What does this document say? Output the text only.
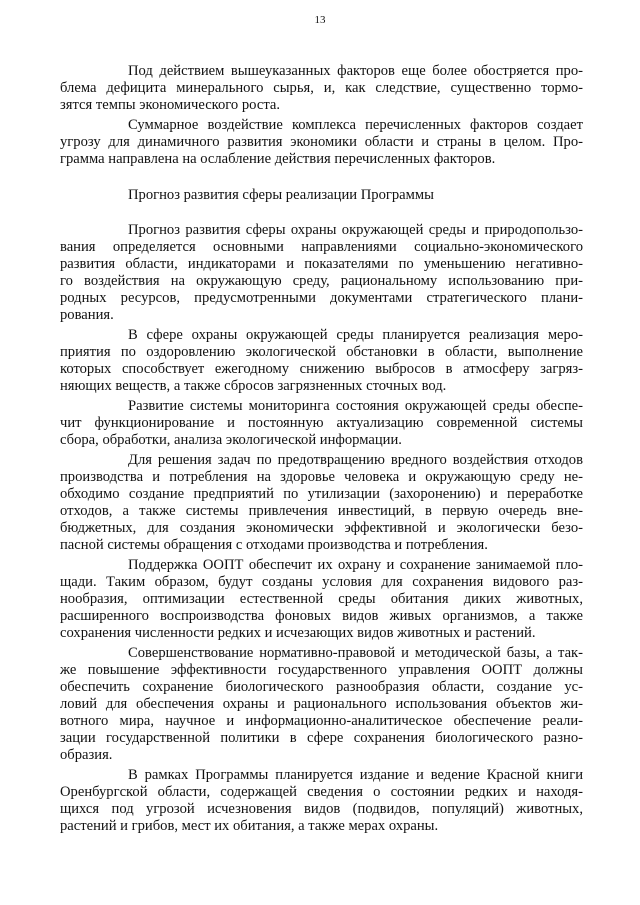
13
Под действием вышеуказанных факторов еще более обостряется про-
блема дефицита минерального сырья, и, как следствие, существенно тормо-
зятся темпы экономического роста.
Суммарное воздействие комплекса перечисленных факторов создает
угрозу для динамичного развития экономики области и страны в целом. Про-
грамма направлена на ослабление действия перечисленных факторов.
Прогноз развития сферы реализации Программы
Прогноз развития сферы охраны окружающей среды и природопользо-
вания определяется основными направлениями социально-экономического
развития области, индикаторами и показателями по уменьшению негативно-
го воздействия на окружающую среду, рациональному использованию при-
родных ресурсов, предусмотренными документами стратегического плани-
рования.
В сфере охраны окружающей среды планируется реализация меро-
приятия по оздоровлению экологической обстановки в области, выполнение
которых способствует ежегодному снижению выбросов в атмосферу загряз-
няющих веществ, а также сбросов загрязненных сточных вод.
Развитие системы мониторинга состояния окружающей среды обеспе-
чит функционирование и постоянную актуализацию современной системы
сбора, обработки, анализа экологической информации.
Для решения задач по предотвращению вредного воздействия отходов
производства и потребления на здоровье человека и окружающую среду не-
обходимо создание предприятий по утилизации (захоронению) и переработке
отходов, а также системы привлечения инвестиций, в первую очередь вне-
бюджетных, для создания экономически эффективной и экологически безо-
пасной системы обращения с отходами производства и потребления.
Поддержка ООПТ обеспечит их охрану и сохранение занимаемой пло-
щади. Таким образом, будут созданы условия для сохранения видового раз-
нообразия, оптимизации естественной среды обитания диких животных,
расширенного воспроизводства фоновых видов живых организмов, а также
сохранения численности редких и исчезающих видов животных и растений.
Совершенствование нормативно-правовой и методической базы, а так-
же повышение эффективности государственного управления ООПТ должны
обеспечить сохранение биологического разнообразия области, создание ус-
ловий для обеспечения охраны и рационального использования объектов жи-
вотного мира, научное и информационно-аналитическое обеспечение реали-
зации государственной политики в сфере сохранения биологического разно-
образия.
В рамках Программы планируется издание и ведение Красной книги
Оренбургской области, содержащей сведения о состоянии редких и находя-
щихся под угрозой исчезновения видов (подвидов, популяций) животных,
растений и грибов, мест их обитания, а также мерах охраны.
